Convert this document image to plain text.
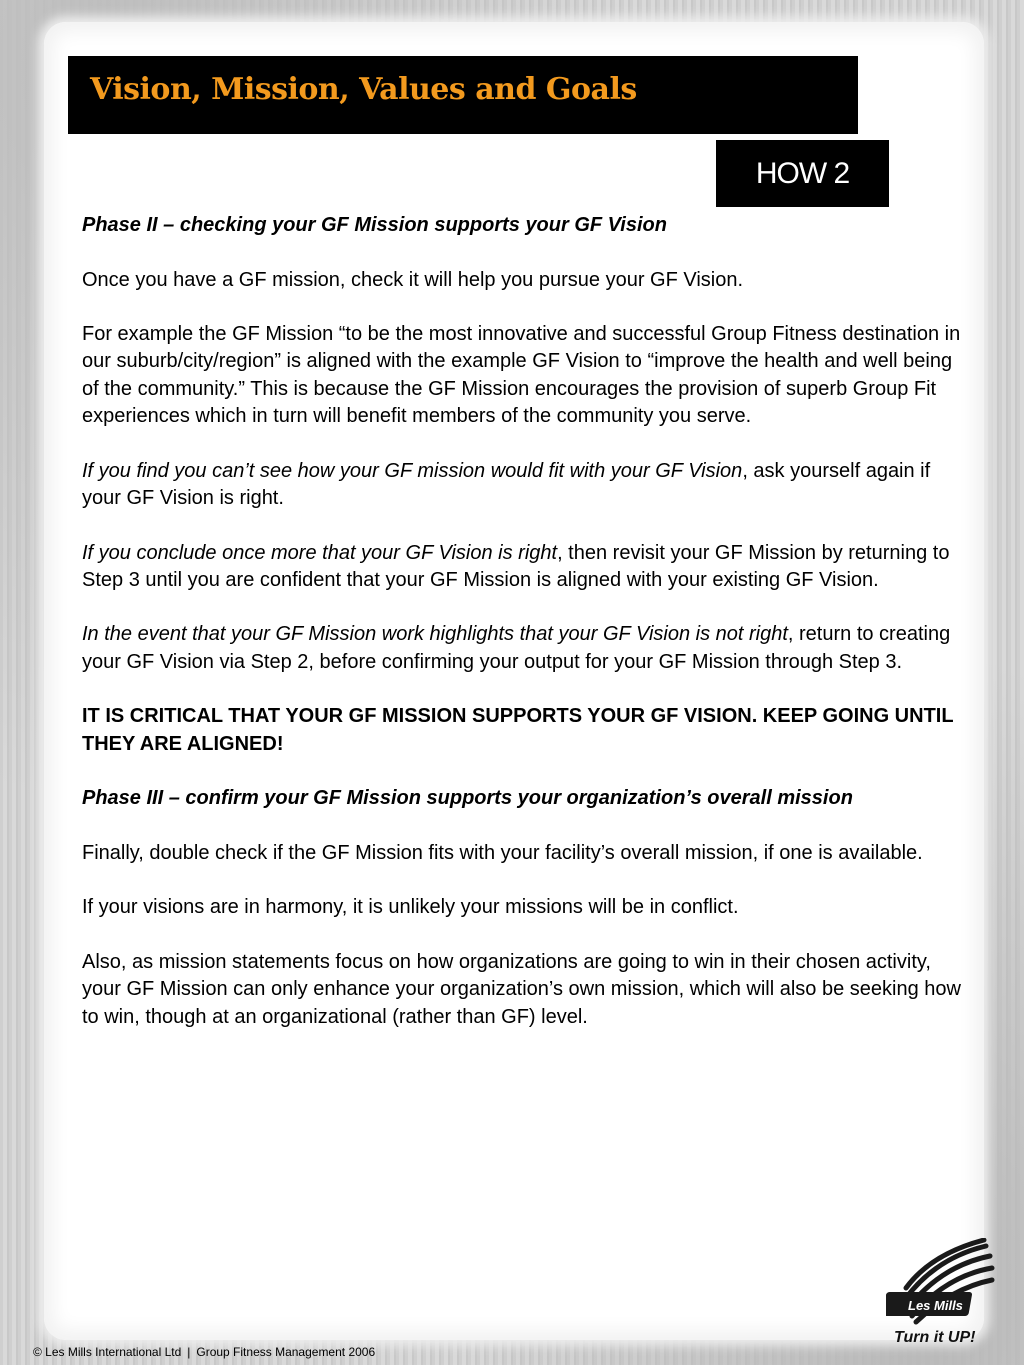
Vision, Mission, Values and Goals
HOW 2

Phase II – checking your GF Mission supports your GF Vision

Once you have a GF mission, check it will help you pursue your GF Vision.

For example the GF Mission “to be the most innovative and successful Group Fitness destination in our suburb/city/region” is aligned with the example GF Vision to “improve the health and well being of the community.” This is because the GF Mission encourages the provision of superb Group Fit experiences which in turn will benefit members of the community you serve.

If you find you can’t see how your GF mission would fit with your GF Vision, ask yourself again if your GF Vision is right.

If you conclude once more that your GF Vision is right, then revisit your GF Mission by returning to Step 3 until you are confident that your GF Mission is aligned with your existing GF Vision.

In the event that your GF Mission work highlights that your GF Vision is not right, return to creating your GF Vision via Step 2, before confirming your output for your GF Mission through Step 3.

IT IS CRITICAL THAT YOUR GF MISSION SUPPORTS YOUR GF VISION. KEEP GOING UNTIL THEY ARE ALIGNED!

Phase III – confirm your GF Mission supports your organization’s overall mission

Finally, double check if the GF Mission fits with your facility’s overall mission, if one is available.

If your visions are in harmony, it is unlikely your missions will be in conflict.

Also, as mission statements focus on how organizations are going to win in their chosen activity, your GF Mission can only enhance your organization’s own mission, which will also be seeking how to win, though at an organizational (rather than GF) level.

Les Mills
Turn it UP!
© Les Mills International Ltd | Group Fitness Management 2006
